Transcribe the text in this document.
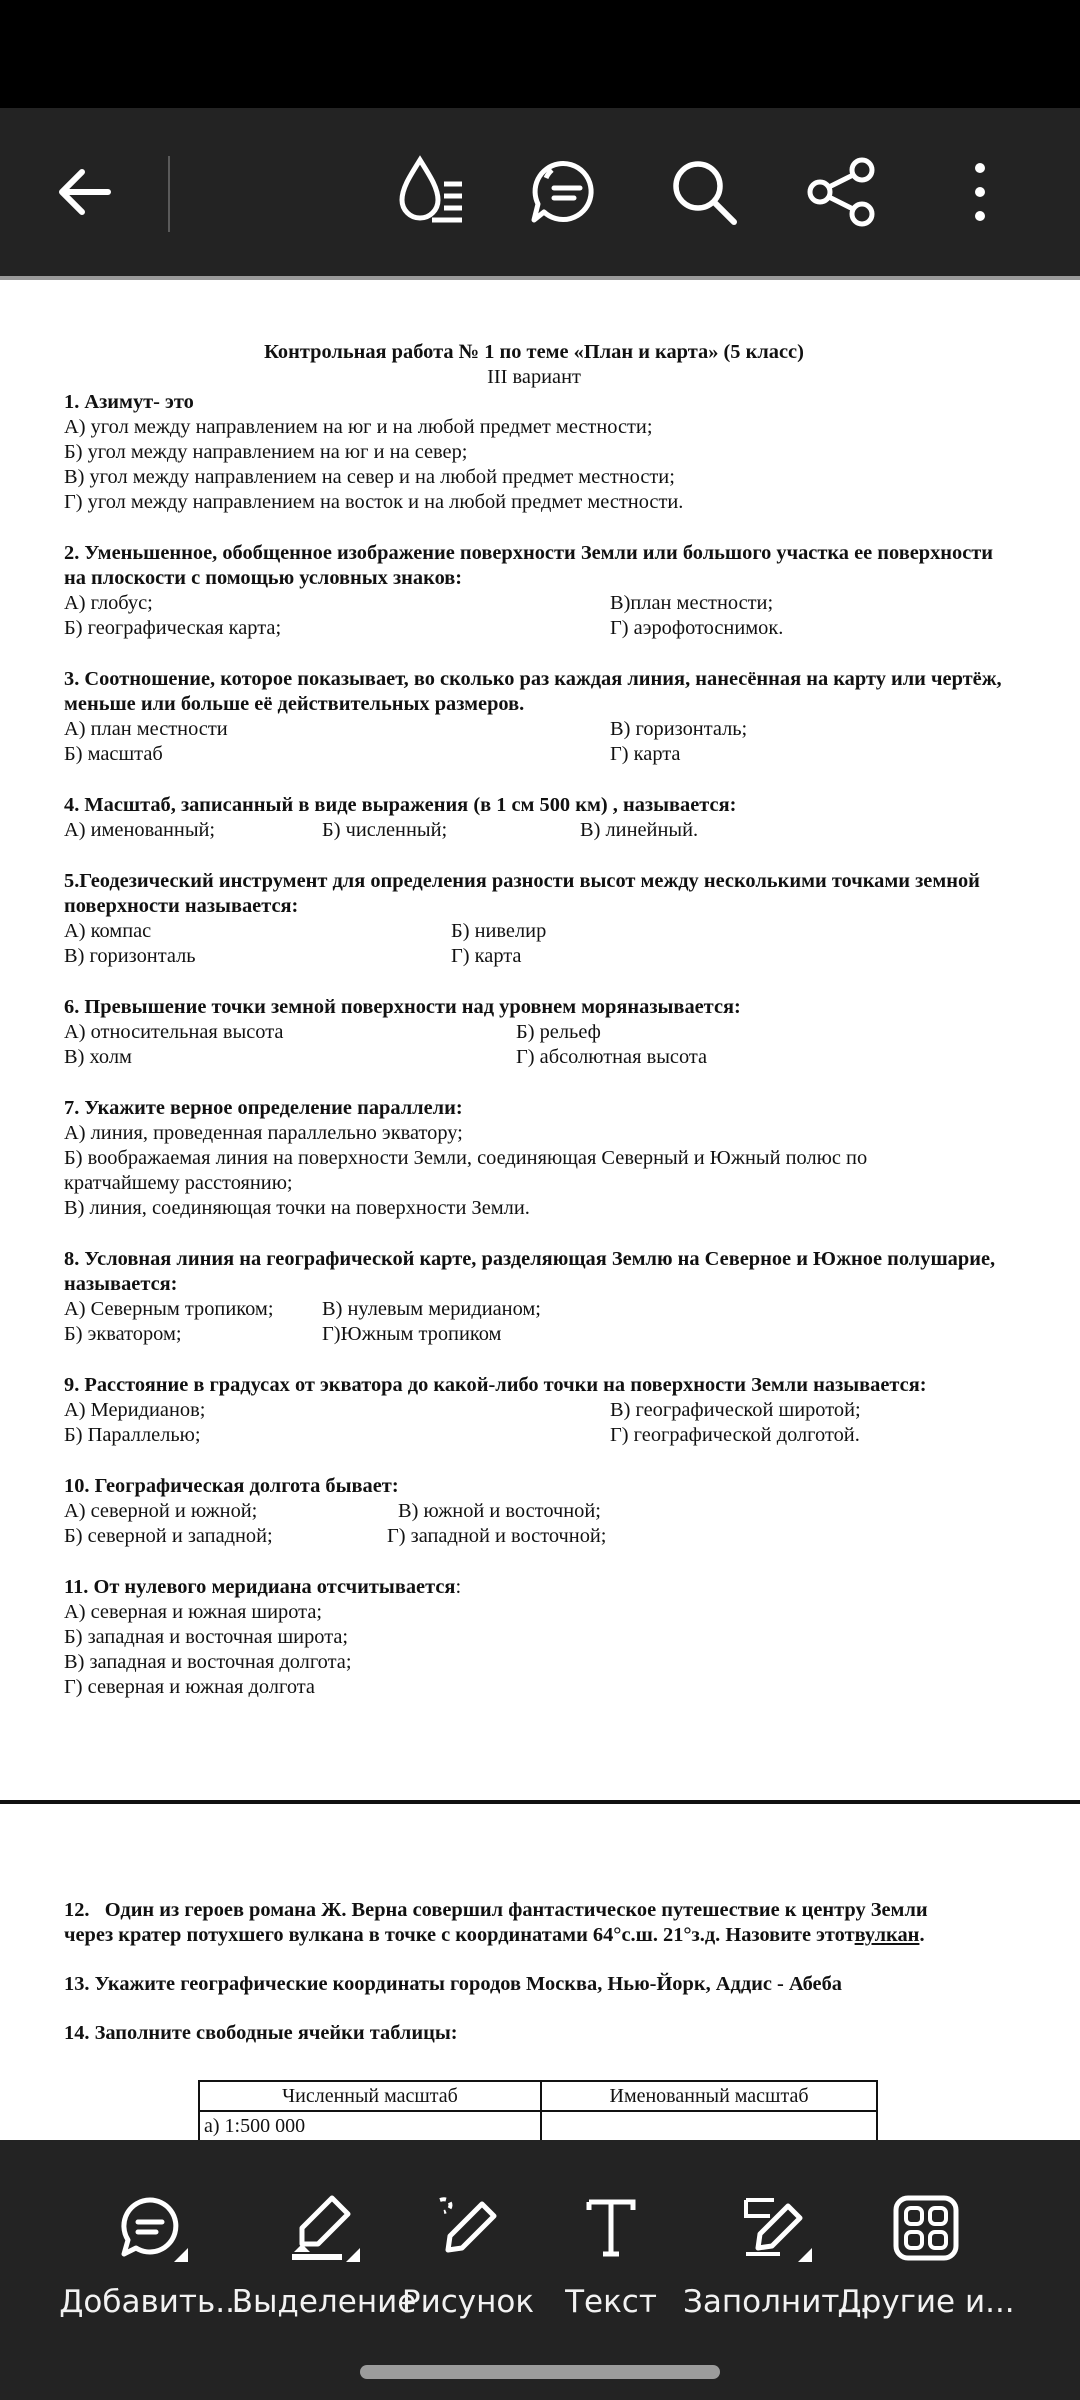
Контрольная работа № 1 по теме «План и карта» (5 класс)
III вариант
1. Азимут- это
А) угол между направлением на юг и на любой предмет местности;
Б) угол между направлением на юг и на север;
В) угол между направлением на север и на любой предмет местности;
Г) угол между направлением на восток и на любой предмет местности.
2. Уменьшенное, обобщенное изображение поверхности Земли или большого участка ее поверхности на плоскости с помощью условных знаков:
А) глобус;	В)план местности;
Б) географическая карта;	Г) аэрофотоснимок.
3. Соотношение, которое показывает, во сколько раз каждая линия, нанесённая на карту или чертёж, меньше или больше её действительных размеров.
А) план местности	В) горизонталь;
Б) масштаб	Г) карта
4. Масштаб, записанный в виде выражения (в 1 см 500 км) , называется:
А) именованный;	Б) численный;	В) линейный.
5.Геодезический инструмент для определения разности высот между несколькими точками земной поверхности называется:
А) компас	Б) нивелир
В) горизонталь	Г) карта
6. Превышение точки земной поверхности над уровнем моряназывается:
А) относительная высота	Б) рельеф
В) холм	Г) абсолютная высота
7. Укажите верное определение параллели:
А) линия, проведенная параллельно экватору;
Б) воображаемая линия на поверхности Земли, соединяющая Северный и Южный полюс по
кратчайшему расстоянию;
В) линия, соединяющая точки на поверхности Земли.
8. Условная линия на географической карте, разделяющая Землю на Северное и Южное полушарие, называется:
А) Северным тропиком; В) нулевым меридианом;
Б) экватором;	Г)Южным тропиком
9. Расстояние в градусах от экватора до какой-либо точки на поверхности Земли называется:
А) Меридианов;	В) географической широтой;
Б) Параллелью;	Г) географической долготой.
10. Географическая долгота бывает:
А) северной и южной;	В) южной и восточной;
Б) северной и западной;	Г) западной и восточной;
11. От нулевого меридиана отсчитывается:
А) северная и южная широта;
Б) западная и восточная широта;
В) западная и восточная долгота;
Г) северная и южная долгота
12.   Один из героев романа Ж. Верна совершил фантастическое путешествие к центру Земли
через кратер потухшего вулкана в точке с координатами 64°с.ш. 21°з.д. Назовите этотвулкан.
13. Укажите географические координаты городов Москва, Нью-Йорк, Аддис - Абеба
14. Заполните свободные ячейки таблицы:
Численный масштаб	Именованный масштаб
а) 1:500 000	
Добавить...
Выделение
Рисунок Текст Заполнит...
Другие и...
